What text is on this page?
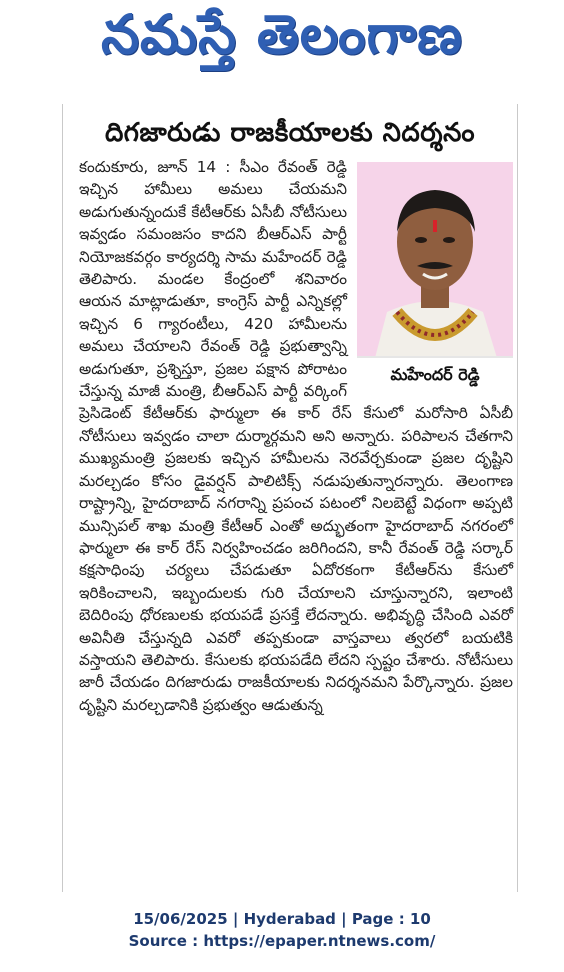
నమస్తే తెలంగాణ
దిగజారుడు రాజకీయాలకు నిదర్శనం
మహేందర్ రెడ్డి
కందుకూరు, జూన్ 14 : సీఎం రేవంత్ రెడ్డి ఇచ్చిన హామీలు అమలు చేయమని అడుగుతున్నందుకే కేటీఆర్‌కు ఏసీబీ నోటీసులు ఇవ్వడం సమంజసం కాదని బీఆర్‌ఎస్ పార్టీ నియోజకవర్గం కార్యదర్శి సామ మహేందర్ రెడ్డి తెలిపారు. మండల కేంద్రంలో శనివారం ఆయన మాట్లాడుతూ, కాంగ్రెస్ పార్టీ ఎన్నికల్లో ఇచ్చిన 6 గ్యారంటీలు, 420 హామీలను అమలు చేయాలని రేవంత్ రెడ్డి ప్రభుత్వాన్ని అడుగుతూ, ప్రశ్నిస్తూ, ప్రజల పక్షాన పోరాటం చేస్తున్న మాజీ మంత్రి, బీఆర్‌ఎస్ పార్టీ వర్కింగ్ ప్రెసిడెంట్ కేటీఆర్‌కు ఫార్ములా ఈ కార్ రేస్ కేసులో మరోసారి ఏసీబీ నోటీసులు ఇవ్వడం చాలా దుర్మార్గమని అని అన్నారు. పరిపాలన చేతగాని ముఖ్యమంత్రి ప్రజలకు ఇచ్చిన హామీలను నెరవేర్చకుండా ప్రజల దృష్టిని మరల్చడం కోసం డైవర్షన్ పాలిటిక్స్ నడుపుతున్నారన్నారు. తెలంగాణ రాష్ట్రాన్ని, హైదరాబాద్ నగరాన్ని ప్రపంచ పటంలో నిలబెట్టే విధంగా అప్పటి మున్సిపల్ శాఖ మంత్రి కేటీఆర్ ఎంతో అద్భుతంగా హైదరాబాద్ నగరంలో ఫార్ములా ఈ కార్ రేస్ నిర్వహించడం జరిగిందని, కానీ రేవంత్ రెడ్డి సర్కార్ కక్షసాధింపు చర్యలు చేపడుతూ ఏదోరకంగా కేటీఆర్‌ను కేసులో ఇరికించాలని, ఇబ్బందులకు గురి చేయాలని చూస్తున్నారని, ఇలాంటి బెదిరింపు ధోరణులకు భయపడే ప్రసక్తే లేదన్నారు. అభివృద్ధి చేసింది ఎవరో అవినీతి చేస్తున్నది ఎవరో తప్పకుండా వాస్తవాలు త్వరలో బయటికి వస్తాయని తెలిపారు. కేసులకు భయపడేది లేదని స్పష్టం చేశారు. నోటీసులు జారీ చేయడం దిగజారుడు రాజకీయాలకు నిదర్శనమని పేర్కొన్నారు. ప్రజల దృష్టిని మరల్చడానికి ప్రభుత్వం ఆడుతున్న
15/06/2025 | Hyderabad | Page : 10
Source : https://epaper.ntnews.com/
